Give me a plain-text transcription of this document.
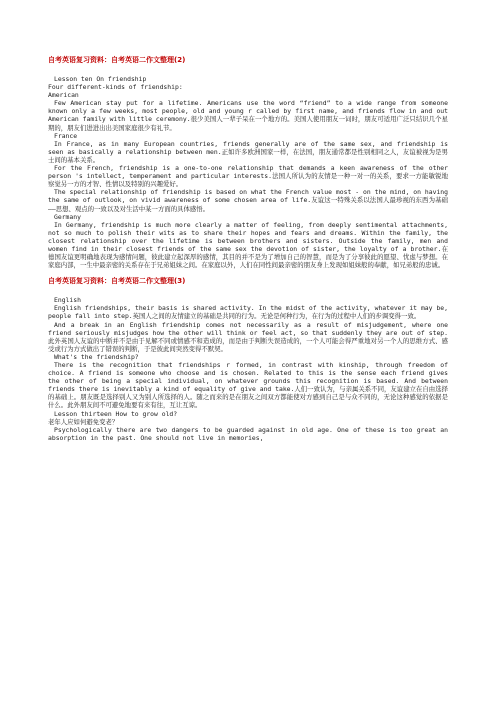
自考英语复习资料：自考英语二作文整理(2)

Lesson ten On friendship

Four different-kinds of friendship:

American

Few American stay put for a lifetime. Americans use the word “friend” to a wide range from someone known only a few weeks, most people, old and young r called by first name, and friends flow in and out American family with little ceremony.很少美国人一辈子呆在一个地方的。美国人使用朋友一词时，朋友可适用广泛只结识几个星期的，朋友们进进出出美国家庭很少有礼节。

France

In France, as in many European countries, friends generally are of the same sex, and friendship is seen as basically a relationship between men.正如许多欧洲国家一样，在法国，朋友通常都是性别相同之人，友谊被视为是男士间的基本关系。

For the French, friendship is a one-to-one relationship that demands a keen awareness of the other person 's intellect, temperament and particular interests.法国人所认为的友情是一种一对一的关系，要求一方能敏锐地察觉另一方的才智、性情以及特别的兴趣爱好。

The special relationship of friendship is based on what the French value most - on the mind, on having the same of outlook, on vivid awareness of some chosen area of life.友谊这一特殊关系以法国人最珍视的东西为基础——思想、观点的一致以及对生活中某一方面的具体感悟。

Germany

In Germany, friendship is much more clearly a matter of feeling, from deeply sentimental attachments, not so much to polish their wits as to share their hopes and fears and dreams. Within the family, the closest relationship over the lifetime is between brothers and sisters. Outside the family, men and women find in their closest friends of the same sex the devotion of sister, the loyalty of a brother.在德国友谊更明确地表现为感情问题，彼此建立起深厚的感情，其目的并不是为了增加自己的智慧，而是为了分享彼此的愿望、忧虑与梦想。在家庭内部，一生中最亲密的关系存在于兄弟姐妹之间。在家庭以外，人们在同性间最亲密的朋友身上发现如姐妹般的奉献，如兄弟般的忠诚。

自考英语复习资料：自考英语二作文整理(3)

English

English friendships, their basis is shared activity. In the midst of the activity, whatever it may be, people fall into step.英国人之间的友情建立的基础是共同的行为。无论是何种行为，在行为的过程中人们的步调变得一致。

And a break in an English friendship comes not necessarily as a result of misjudgement, where one friend seriously misjudges how the other will think or feel act, so that suddenly they are out of step.此外英国人友谊的中断并不是由于见解不同或情感不和造成的，而是由于判断失误造成的，一个人可能会得严重地对另一个人的思维方式、感受或行为方式做出了错误的判断，于是彼此间突然变得不默契。

What's the friendship?

There is the recognition that friendships r formed, in contrast with kinship, through freedom of choice. A friend is someone who choose and is chosen. Related to this is the sense each friend gives the other of being a special individual, on whatever grounds this recognition is based. And between friends there is inevitably a kind of equality of give and take.人们一致认为，与亲属关系不同，友谊建立在自由选择的基础上。朋友既是选择别人又为别人所选择的人。随之而来的是在朋友之间双方都能使对方感到自己是与众不同的，无论这种感觉的依据是什么。此外朋友间不可避免地要有来有往，互让互谅。

Lesson thirteen How to grow old?

老年人应如何避免变老？

Psychologically there are two dangers to be guarded against in old age. One of these is too great an absorption in the past. One should not live in memories,
